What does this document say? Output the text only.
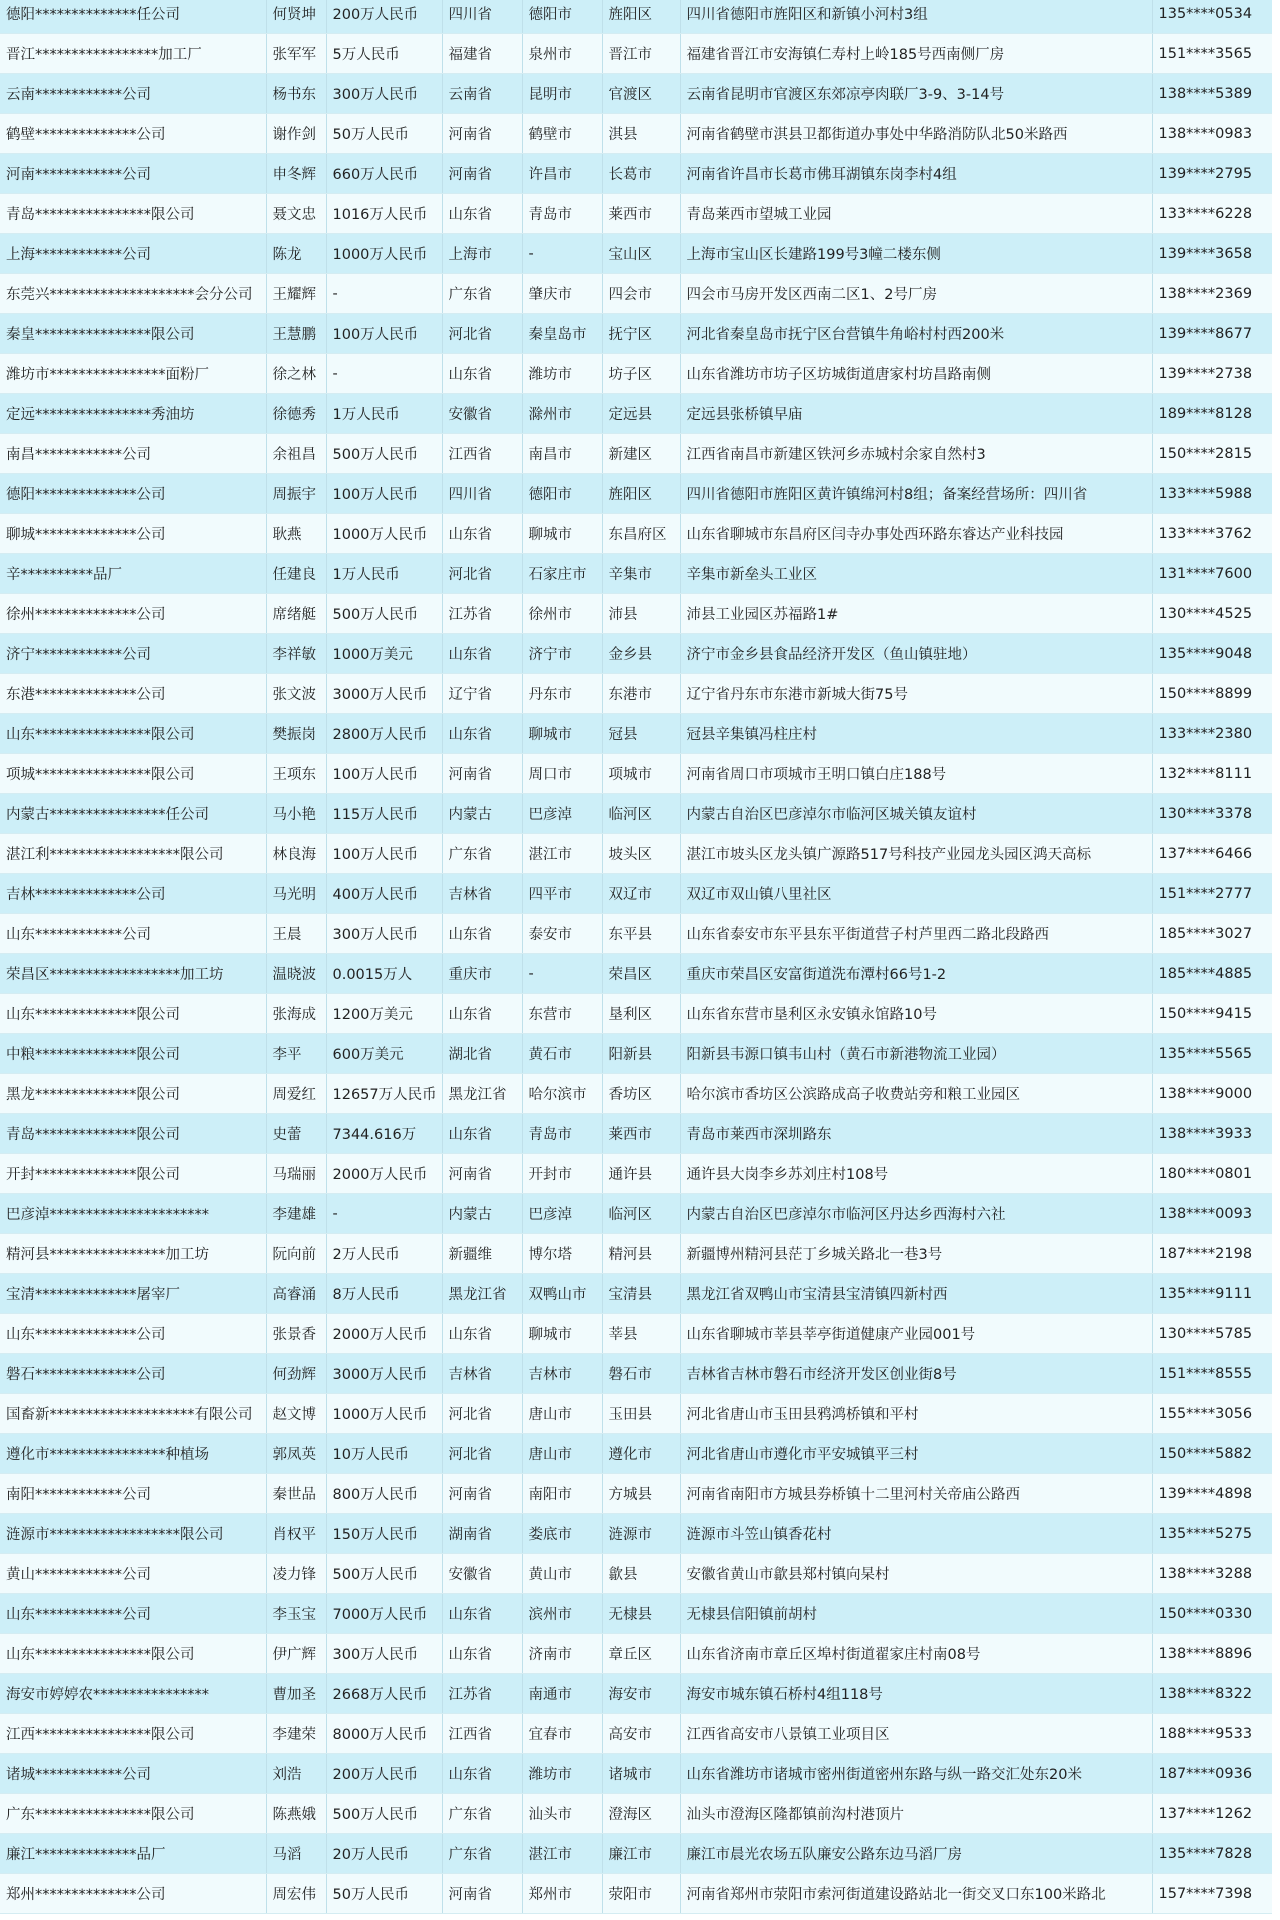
德阳**************任公司	何贤坤	200万人民币	四川省	德阳市	旌阳区	四川省德阳市旌阳区和新镇小河村3组	135****0534
晋江*****************加工厂	张军军	5万人民币	福建省	泉州市	晋江市	福建省晋江市安海镇仁寿村上岭185号西南侧厂房	151****3565
云南************公司	杨书东	300万人民币	云南省	昆明市	官渡区	云南省昆明市官渡区东郊凉亭肉联厂3-9、3-14号	138****5389
鹤壁**************公司	谢作剑	50万人民币	河南省	鹤壁市	淇县	河南省鹤壁市淇县卫都街道办事处中华路消防队北50米路西	138****0983
河南************公司	申冬辉	660万人民币	河南省	许昌市	长葛市	河南省许昌市长葛市佛耳湖镇东岗李村4组	139****2795
青岛****************限公司	聂文忠	1016万人民币	山东省	青岛市	莱西市	青岛莱西市望城工业园	133****6228
上海************公司	陈龙	1000万人民币	上海市	-	宝山区	上海市宝山区长建路199号3幢二楼东侧	139****3658
东莞兴********************会分公司	王耀辉	-	广东省	肇庆市	四会市	四会市马房开发区西南二区1、2号厂房	138****2369
秦皇****************限公司	王慧鹏	100万人民币	河北省	秦皇岛市	抚宁区	河北省秦皇岛市抚宁区台营镇牛角峪村村西200米	139****8677
潍坊市****************面粉厂	徐之林	-	山东省	潍坊市	坊子区	山东省潍坊市坊子区坊城街道唐家村坊昌路南侧	139****2738
定远****************秀油坊	徐德秀	1万人民币	安徽省	滁州市	定远县	定远县张桥镇早庙	189****8128
南昌************公司	余祖昌	500万人民币	江西省	南昌市	新建区	江西省南昌市新建区铁河乡赤城村余家自然村3	150****2815
德阳**************公司	周振宇	100万人民币	四川省	德阳市	旌阳区	四川省德阳市旌阳区黄许镇绵河村8组；备案经营场所：四川省	133****5988
聊城**************公司	耿燕	1000万人民币	山东省	聊城市	东昌府区	山东省聊城市东昌府区闫寺办事处西环路东睿达产业科技园	133****3762
辛**********品厂	任建良	1万人民币	河北省	石家庄市	辛集市	辛集市新垒头工业区	131****7600
徐州**************公司	席绪艇	500万人民币	江苏省	徐州市	沛县	沛县工业园区苏福路1#	130****4525
济宁************公司	李祥敏	1000万美元	山东省	济宁市	金乡县	济宁市金乡县食品经济开发区（鱼山镇驻地）	135****9048
东港**************公司	张文波	3000万人民币	辽宁省	丹东市	东港市	辽宁省丹东市东港市新城大街75号	150****8899
山东****************限公司	樊振岗	2800万人民币	山东省	聊城市	冠县	冠县辛集镇冯柱庄村	133****2380
项城****************限公司	王项东	100万人民币	河南省	周口市	项城市	河南省周口市项城市王明口镇白庄188号	132****8111
内蒙古****************任公司	马小艳	115万人民币	内蒙古	巴彦淖	临河区	内蒙古自治区巴彦淖尔市临河区城关镇友谊村	130****3378
湛江利******************限公司	林良海	100万人民币	广东省	湛江市	坡头区	湛江市坡头区龙头镇广源路517号科技产业园龙头园区鸿天高标	137****6466
吉林**************公司	马光明	400万人民币	吉林省	四平市	双辽市	双辽市双山镇八里社区	151****2777
山东************公司	王晨	300万人民币	山东省	泰安市	东平县	山东省泰安市东平县东平街道营子村芦里西二路北段路西	185****3027
荣昌区******************加工坊	温晓波	0.0015万人	重庆市	-	荣昌区	重庆市荣昌区安富街道洗布潭村66号1-2	185****4885
山东**************限公司	张海成	1200万美元	山东省	东营市	垦利区	山东省东营市垦利区永安镇永馆路10号	150****9415
中粮**************限公司	李平	600万美元	湖北省	黄石市	阳新县	阳新县韦源口镇韦山村（黄石市新港物流工业园）	135****5565
黑龙**************限公司	周爱红	12657万人民币	黑龙江省	哈尔滨市	香坊区	哈尔滨市香坊区公滨路成高子收费站旁和粮工业园区	138****9000
青岛**************限公司	史蕾	7344.616万	山东省	青岛市	莱西市	青岛市莱西市深圳路东	138****3933
开封**************限公司	马瑞丽	2000万人民币	河南省	开封市	通许县	通许县大岗李乡苏刘庄村108号	180****0801
巴彦淖**********************	李建雄	-	内蒙古	巴彦淖	临河区	内蒙古自治区巴彦淖尔市临河区丹达乡西海村六社	138****0093
精河县****************加工坊	阮向前	2万人民币	新疆维	博尔塔	精河县	新疆博州精河县茫丁乡城关路北一巷3号	187****2198
宝清**************屠宰厂	高睿涌	8万人民币	黑龙江省	双鸭山市	宝清县	黑龙江省双鸭山市宝清县宝清镇四新村西	135****9111
山东**************公司	张景香	2000万人民币	山东省	聊城市	莘县	山东省聊城市莘县莘亭街道健康产业园001号	130****5785
磐石**************公司	何劲辉	3000万人民币	吉林省	吉林市	磐石市	吉林省吉林市磐石市经济开发区创业街8号	151****8555
国畜新********************有限公司	赵文博	1000万人民币	河北省	唐山市	玉田县	河北省唐山市玉田县鸦鸿桥镇和平村	155****3056
遵化市****************种植场	郭凤英	10万人民币	河北省	唐山市	遵化市	河北省唐山市遵化市平安城镇平三村	150****5882
南阳************公司	秦世品	800万人民币	河南省	南阳市	方城县	河南省南阳市方城县券桥镇十二里河村关帝庙公路西	139****4898
涟源市******************限公司	肖权平	150万人民币	湖南省	娄底市	涟源市	涟源市斗笠山镇香花村	135****5275
黄山************公司	凌力锋	500万人民币	安徽省	黄山市	歙县	安徽省黄山市歙县郑村镇向杲村	138****3288
山东************公司	李玉宝	7000万人民币	山东省	滨州市	无棣县	无棣县信阳镇前胡村	150****0330
山东****************限公司	伊广辉	300万人民币	山东省	济南市	章丘区	山东省济南市章丘区埠村街道翟家庄村南08号	138****8896
海安市婷婷农****************	曹加圣	2668万人民币	江苏省	南通市	海安市	海安市城东镇石桥村4组118号	138****8322
江西****************限公司	李建荣	8000万人民币	江西省	宜春市	高安市	江西省高安市八景镇工业项目区	188****9533
诸城************公司	刘浩	200万人民币	山东省	潍坊市	诸城市	山东省潍坊市诸城市密州街道密州东路与纵一路交汇处东20米	187****0936
广东****************限公司	陈燕娥	500万人民币	广东省	汕头市	澄海区	汕头市澄海区隆都镇前沟村港顶片	137****1262
廉江**************品厂	马滔	20万人民币	广东省	湛江市	廉江市	廉江市晨光农场五队廉安公路东边马滔厂房	135****7828
郑州**************公司	周宏伟	50万人民币	河南省	郑州市	荥阳市	河南省郑州市荥阳市索河街道建设路站北一街交叉口东100米路北	157****7398
